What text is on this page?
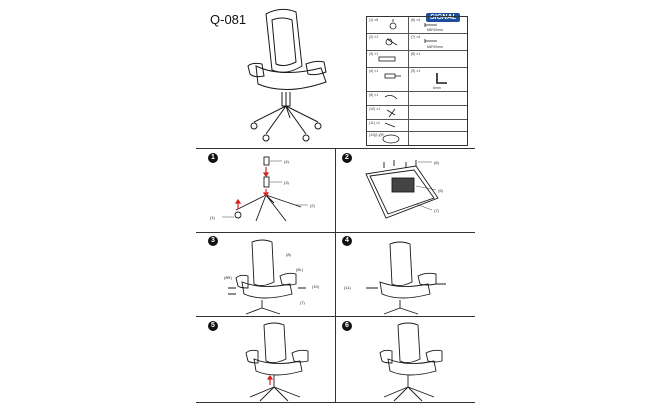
Q-081	SIGNAL
(1) ×5	(6) ×4
M8*20mm
(2) ×1	(7) ×4
M8*20mm
(3) ×1	(8) ×1
(4) ×1	(9) ×1
6mm
(5) ×1
(10) ×1
(11) ×1
(12)(L)(R)
1
(4)
(3)
(2)
(1)
2
(6)
(5)
(7)
3
(8)
(8L)
(8R)
(10)
(7)
4
(11)
5	6
